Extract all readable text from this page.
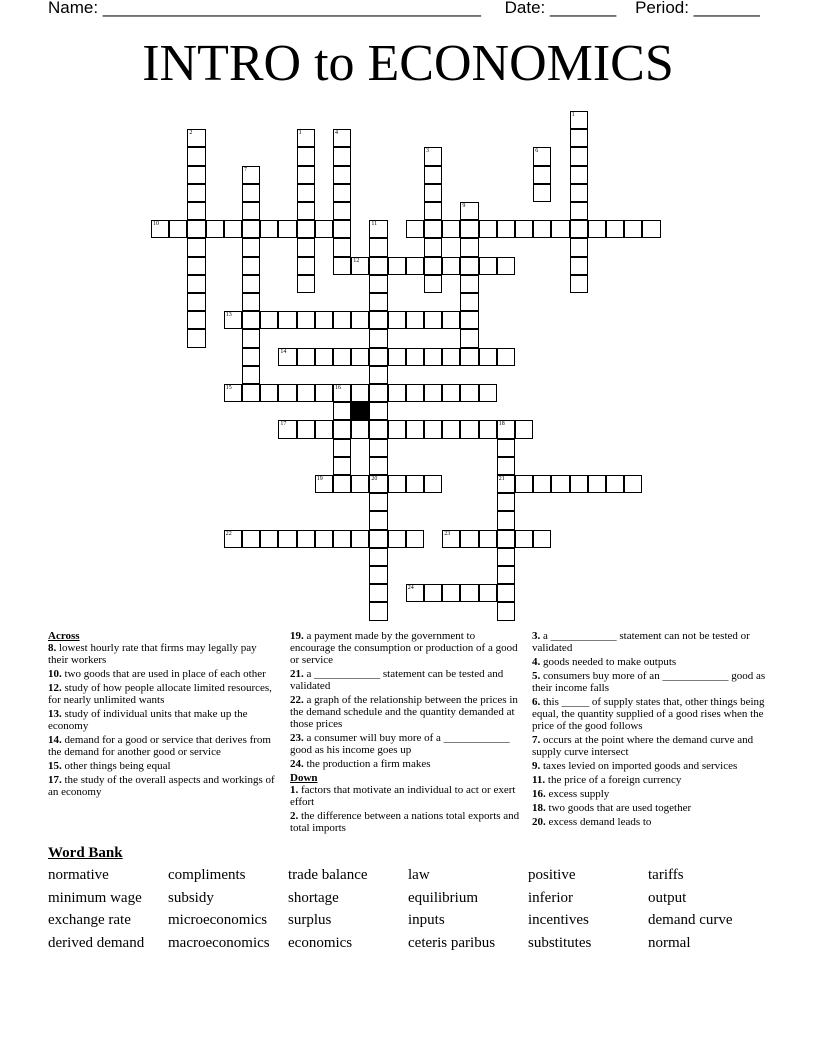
Name: ________________________________________ Date: _______ Period: _______
INTRO to ECONOMICS
10
12
13
14
15	16
17	18
19	20	21
22	23
24
1
2	1	4
3	6
7
9
11

Across

8. lowest hourly rate that firms may legally pay their workers

10. two goods that are used in place of each other

12. study of how people allocate limited resources, for nearly unlimited wants

13. study of individual units that make up the economy

14. demand for a good or service that derives from the demand for another good or service

15. other things being equal

17. the study of the overall aspects and workings of an economy

19. a payment made by the government to encourage the consumption or production of a good or service

21. a ____________ statement can be tested and validated

22. a graph of the relationship between the prices in the demand schedule and the quantity demanded at those prices

23. a consumer will buy more of a ____________ good as his income goes up

24. the production a firm makes

Down

1. factors that motivate an individual to act or exert effort

2. the difference between a nations total exports and total imports

3. a ____________ statement can not be tested or validated

4. goods needed to make outputs

5. consumers buy more of an ____________ good as their income falls

6. this _____ of supply states that, other things being equal, the quantity supplied of a good rises when the price of the good follows

7. occurs at the point where the demand curve and supply curve intersect

9. taxes levied on imported goods and services

11. the price of a foreign currency

16. excess supply

18. two goods that are used together

20. excess demand leads to

Word Bank
normative	compliments	trade balance	law	positive	tariffs
minimum wage	subsidy	shortage	equilibrium	inferior	output
exchange rate	microeconomics	surplus	inputs	incentives	demand curve
derived demand	macroeconomics	economics	ceteris paribus	substitutes	normal
